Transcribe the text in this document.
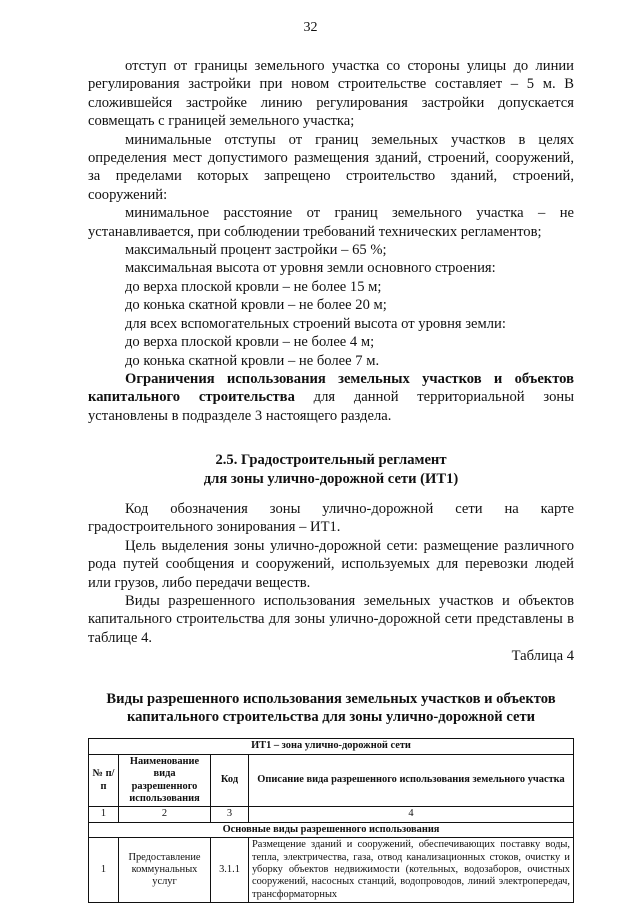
32

отступ от границы земельного участка со стороны улицы до линии регулирования застройки при новом строительстве составляет – 5 м. В сложившейся застройке линию регулирования застройки допускается совмещать с границей земельного участка;

минимальные отступы от границ земельных участков в целях определения мест допустимого размещения зданий, строений, сооружений, за пределами которых запрещено строительство зданий, строений, сооружений:

минимальное расстояние от границ земельного участка – не устанавливается, при соблюдении требований технических регламентов;

максимальный процент застройки – 65 %;

максимальная высота от уровня земли основного строения:

до верха плоской кровли – не более 15 м;

до конька скатной кровли – не более 20 м;

для всех вспомогательных строений высота от уровня земли:

до верха плоской кровли – не более 4 м;

до конька скатной кровли – не более 7 м.

Ограничения использования земельных участков и объектов капитального строительства для данной территориальной зоны установлены в подразделе 3 настоящего раздела.

2.5. Градостроительный регламент
для зоны улично-дорожной сети (ИТ1)

Код обозначения зоны улично-дорожной сети на карте градостроительного зонирования – ИТ1.

Цель выделения зоны улично-дорожной сети: размещение различного рода путей сообщения и сооружений, используемых для перевозки людей или грузов, либо передачи веществ.

Виды разрешенного использования земельных участков и объектов капитального строительства для зоны улично-дорожной сети представлены в таблице 4.

Таблица 4

Виды разрешенного использования земельных участков и объектов
капитального строительства для зоны улично-дорожной сети

ИТ1 – зона улично-дорожной сети			
№ п/п	Наименование вида разрешенного использования	Код	Описание вида разрешенного использования земельного участка
1	2	3	4
Основные виды разрешенного использования			
1	Предоставление коммунальных услуг	3.1.1	Размещение зданий и сооружений, обеспечивающих поставку воды, тепла, электричества, газа, отвод канализационных стоков, очистку и уборку объектов недвижимости (котельных, водозаборов, очистных сооружений, насосных станций, водопроводов, линий электропередач, трансформаторных
